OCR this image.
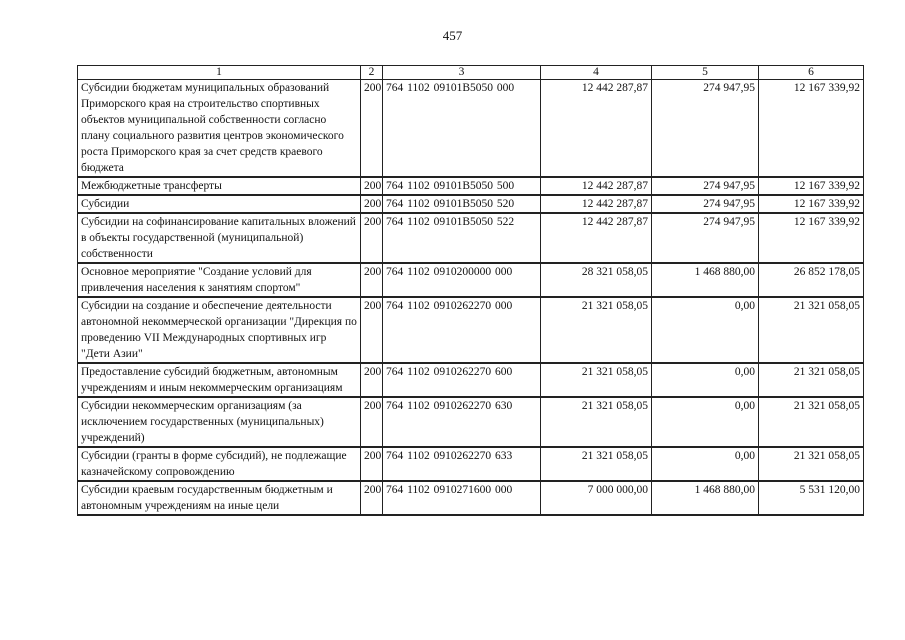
457
1	2	3	4	5	6
Субсидии бюджетам муниципальных образований Приморского края на строительство спортивных объектов муниципальной собственности согласно плану социального развития центров экономического роста Приморского края за счет средств краевого бюджета	200	764 1102 09101B5050 000	12 442 287,87	274 947,95	12 167 339,92
Межбюджетные трансферты	200	764 1102 09101B5050 500	12 442 287,87	274 947,95	12 167 339,92
Субсидии	200	764 1102 09101B5050 520	12 442 287,87	274 947,95	12 167 339,92
Субсидии на софинансирование капитальных вложений в объекты государственной (муниципальной) собственности	200	764 1102 09101B5050 522	12 442 287,87	274 947,95	12 167 339,92
Основное мероприятие "Создание условий для привлечения населения к занятиям спортом"	200	764 1102 0910200000 000	28 321 058,05	1 468 880,00	26 852 178,05
Субсидии на создание и обеспечение деятельности автономной некоммерческой организации "Дирекция по проведению VII Международных спортивных игр "Дети Азии"	200	764 1102 0910262270 000	21 321 058,05	0,00	21 321 058,05
Предоставление субсидий бюджетным, автономным учреждениям и иным некоммерческим организациям	200	764 1102 0910262270 600	21 321 058,05	0,00	21 321 058,05
Субсидии некоммерческим организациям (за исключением государственных (муниципальных) учреждений)	200	764 1102 0910262270 630	21 321 058,05	0,00	21 321 058,05
Субсидии (гранты в форме субсидий), не подлежащие казначейскому сопровождению	200	764 1102 0910262270 633	21 321 058,05	0,00	21 321 058,05
Субсидии краевым государственным бюджетным и автономным учреждениям на иные цели	200	764 1102 0910271600 000	7 000 000,00	1 468 880,00	5 531 120,00
